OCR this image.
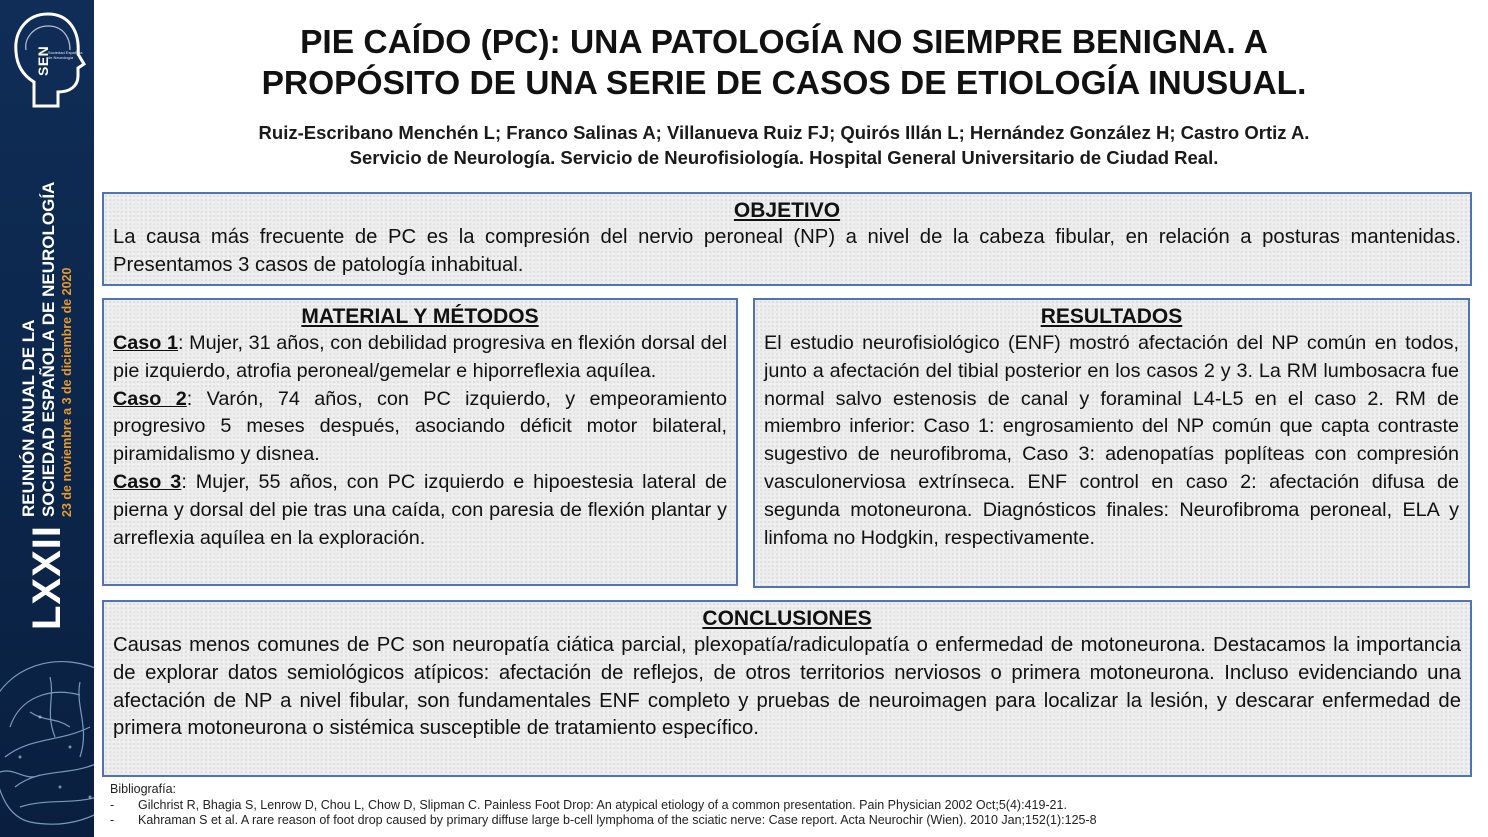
SEN
Sociedad Española de Neurología
LXXII
REUNIÓN ANUAL DE LA SOCIEDAD ESPAÑOLA DE NEUROLOGÍA 23 de noviembre a 3 de diciembre de 2020
PIE CAÍDO (PC): UNA PATOLOGÍA NO SIEMPRE BENIGNA. A
PROPÓSITO DE UNA SERIE DE CASOS DE ETIOLOGÍA INUSUAL.
Ruiz-Escribano Menchén L; Franco Salinas A; Villanueva Ruiz FJ; Quirós Illán L; Hernández González H; Castro Ortiz A.
Servicio de Neurología. Servicio de Neurofisiología. Hospital General Universitario de Ciudad Real.
OBJETIVO

La causa más frecuente de PC es la compresión del nervio peroneal (NP) a nivel de la cabeza fibular, en relación a posturas mantenidas. Presentamos 3 casos de patología inhabitual.

MATERIAL Y MÉTODOS

Caso 1: Mujer, 31 años, con debilidad progresiva en flexión dorsal del pie izquierdo, atrofia peroneal/gemelar e hiporreflexia aquílea.

Caso 2: Varón, 74 años, con PC izquierdo, y empeoramiento progresivo 5 meses después, asociando déficit motor bilateral, piramidalismo y disnea.

Caso 3: Mujer, 55 años, con PC izquierdo e hipoestesia lateral de pierna y dorsal del pie tras una caída, con paresia de flexión plantar y arreflexia aquílea en la exploración.

RESULTADOS

El estudio neurofisiológico (ENF) mostró afectación del NP común en todos, junto a afectación del tibial posterior en los casos 2 y 3. La RM lumbosacra fue normal salvo estenosis de canal y foraminal L4-L5 en el caso 2. RM de miembro inferior: Caso 1: engrosamiento del NP común que capta contraste sugestivo de neurofibroma, Caso 3: adenopatías poplíteas con compresión vasculonerviosa extrínseca. ENF control en caso 2: afectación difusa de segunda motoneurona. Diagnósticos finales: Neurofibroma peroneal, ELA y linfoma no Hodgkin, respectivamente.

CONCLUSIONES

Causas menos comunes de PC son neuropatía ciática parcial, plexopatía/radiculopatía o enfermedad de motoneurona. Destacamos la importancia de explorar datos semiológicos atípicos: afectación de reflejos, de otros territorios nerviosos o primera motoneurona. Incluso evidenciando una afectación de NP a nivel fibular, son fundamentales ENF completo y pruebas de neuroimagen para localizar la lesión, y descarar enfermedad de primera motoneurona o sistémica susceptible de tratamiento específico.

Bibliografía:
-	Gilchrist R, Bhagia S, Lenrow D, Chou L, Chow D, Slipman C. Painless Foot Drop: An atypical etiology of a common presentation. Pain Physician 2002 Oct;5(4):419-21.
-	Kahraman S et al. A rare reason of foot drop caused by primary diffuse large b-cell lymphoma of the sciatic nerve: Case report. Acta Neurochir (Wien). 2010 Jan;152(1):125-8
